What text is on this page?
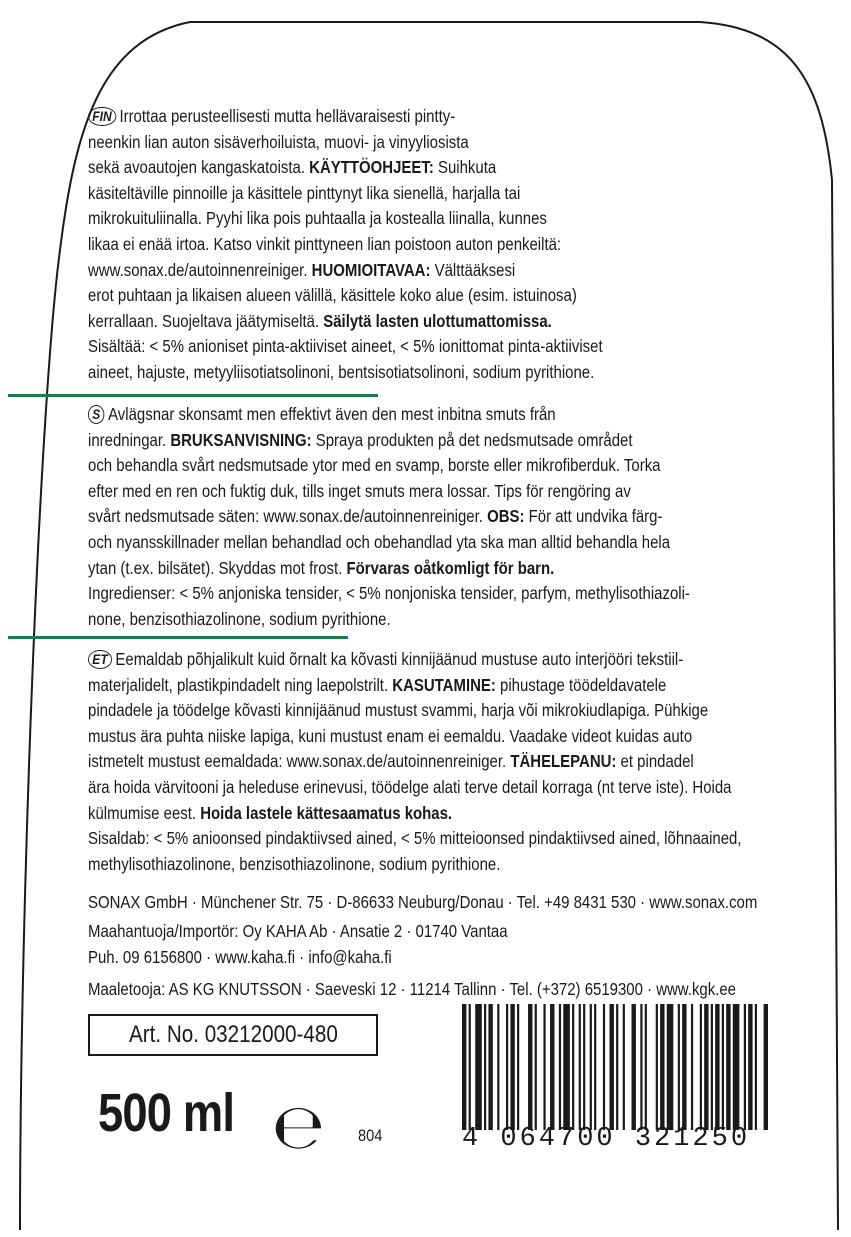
FIN Irrottaa perusteellisesti mutta hellävaraisesti pintty-
neenkin lian auton sisäverhoiluista, muovi- ja vinyyliosista
sekä avoautojen kangaskatoista. KÄYTTÖOHJEET: Suihkuta
käsiteltäville pinnoille ja käsittele pinttynyt lika sienellä, harjalla tai
mikrokuituliinalla. Pyyhi lika pois puhtaalla ja kostealla liinalla, kunnes
likaa ei enää irtoa. Katso vinkit pinttyneen lian poistoon auton penkeiltä:
www.sonax.de/autoinnenreiniger. HUOMIOITAVAA: Välttääksesi
erot puhtaan ja likaisen alueen välillä, käsittele koko alue (esim. istuinosa)
kerrallaan. Suojeltava jäätymiseltä. Säilytä lasten ulottumattomissa.
Sisältää: < 5% anioniset pinta-aktiiviset aineet, < 5% ionittomat pinta-aktiiviset
aineet, hajuste, metyyliisotiatsolinoni, bentsisotiatsolinoni, sodium pyrithione.
S Avlägsnar skonsamt men effektivt även den mest inbitna smuts från
inredningar. BRUKSANVISNING: Spraya produkten på det nedsmutsade området
och behandla svårt nedsmutsade ytor med en svamp, borste eller mikrofiberduk. Torka
efter med en ren och fuktig duk, tills inget smuts mera lossar. Tips för rengöring av
svårt nedsmutsade säten: www.sonax.de/autoinnenreiniger. OBS: För att undvika färg-
och nyansskillnader mellan behandlad och obehandlad yta ska man alltid behandla hela
ytan (t.ex. bilsätet). Skyddas mot frost. Förvaras oåtkomligt för barn.
Ingredienser: < 5% anjoniska tensider, < 5% nonjoniska tensider, parfym, methylisothiazoli-
none, benzisothiazolinone, sodium pyrithione.
ET Eemaldab põhjalikult kuid õrnalt ka kõvasti kinnijäänud mustuse auto interjööri tekstiil-
materjalidelt, plastikpindadelt ning laepolstrilt. KASUTAMINE: pihustage töödeldavatele
pindadele ja töödelge kõvasti kinnijäänud mustust svammi, harja või mikrokiudlapiga. Pühkige
mustus ära puhta niiske lapiga, kuni mustust enam ei eemaldu. Vaadake videot kuidas auto
istmetelt mustust eemaldada: www.sonax.de/autoinnenreiniger. TÄHELEPANU: et pindadel
ära hoida värvitooni ja heleduse erinevusi, töödelge alati terve detail korraga (nt terve iste). Hoida
külmumise eest. Hoida lastele kättesaamatus kohas.
Sisaldab: < 5% anioonsed pindaktiivsed ained, < 5% mitteioonsed pindaktiivsed ained, lõhnaained,
methylisothiazolinone, benzisothiazolinone, sodium pyrithione.
SONAX GmbH · Münchener Str. 75 · D-86633 Neuburg/Donau · Tel. +49 8431 530 · www.sonax.com
Maahantuoja/Importör: Oy KAHA Ab · Ansatie 2 · 01740 Vantaa
Puh. 09 6156800 · www.kaha.fi · info@kaha.fi
Maaletooja: AS KG KNUTSSON · Saeveski 12 · 11214 Tallinn · Tel. (+372) 6519300 · www.kgk.ee
Art. No. 03212000-480
500 ml ℮ 804	4 064700 321250
